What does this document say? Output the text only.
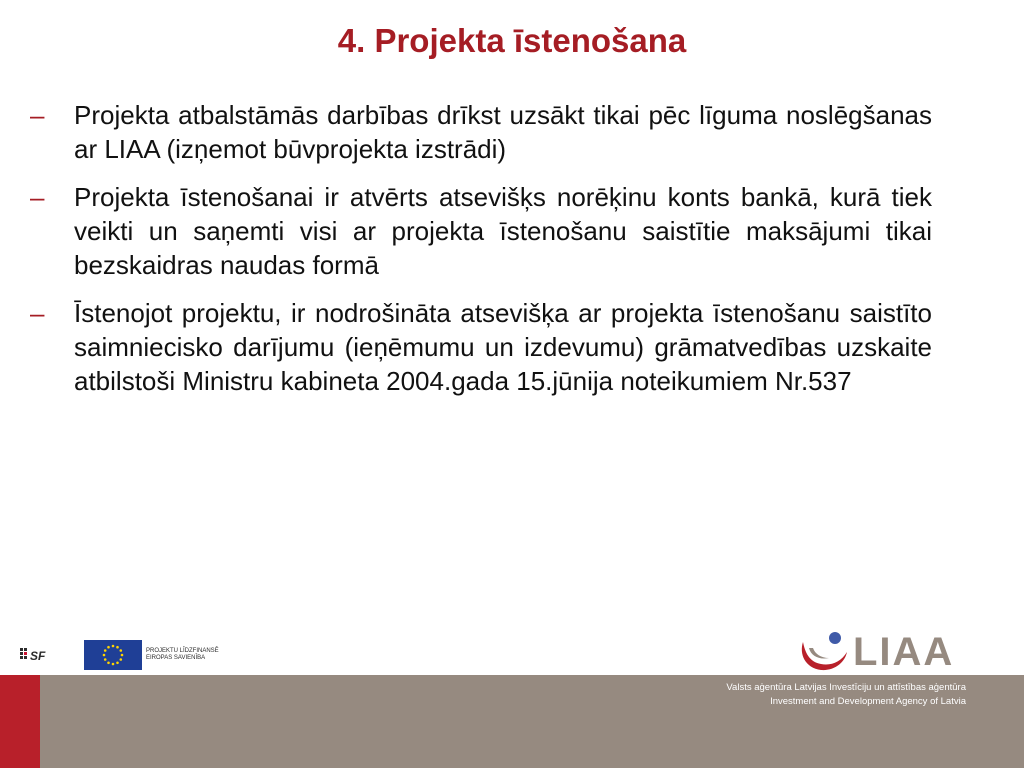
4. Projekta īstenošana
– Projekta atbalstāmās darbības drīkst uzsākt tikai pēc līguma noslēgšanas ar LIAA (izņemot būvprojekta izstrādi)
– Projekta īstenošanai ir atvērts atsevišķs norēķinu konts bankā, kurā tiek veikti un saņemti visi ar projekta īstenošanu saistītie maksājumi tikai bezskaidras naudas formā
– Īstenojot projektu, ir nodrošināta atsevišķa ar projekta īstenošanu saistīto saimniecisko darījumu (ieņēmumu un izdevumu) grāmatvedības uzskaite atbilstoši Ministru kabineta 2004.gada 15.jūnija noteikumiem Nr.537
SF	PROJEKTU LĪDZFINANSĒ
EIROPAS SAVIENĪBA	LIAA
Valsts aģentūra Latvijas Investīciju un attīstības aģentūra
Investment and Development Agency of Latvia
